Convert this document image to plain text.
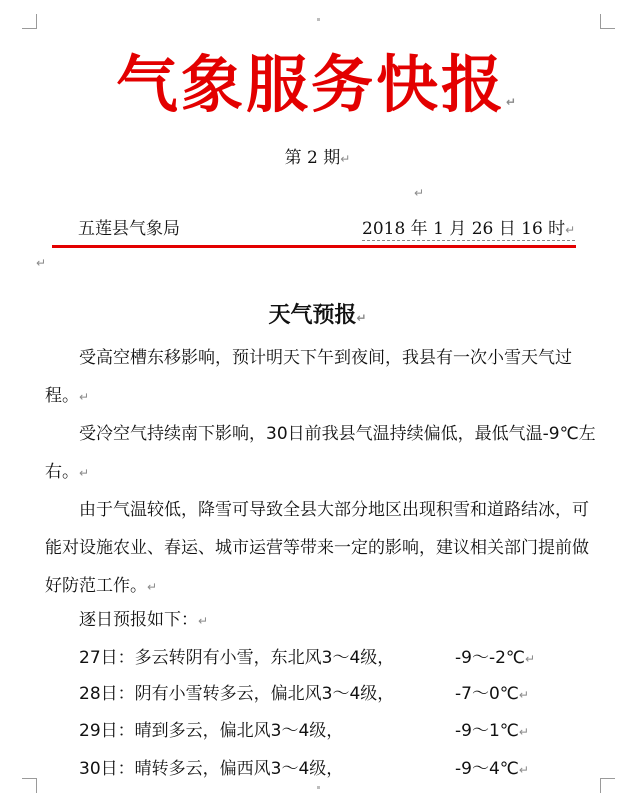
气象服务快报↵
第 2 期↵
↵
五莲县气象局	2018 年 1 月 26 日 16 时↵
↵
天气预报↵
受高空槽东移影响，预计明天下午到夜间，我县有一次小雪天气过程。↵
受冷空气持续南下影响，30日前我县气温持续偏低，最低气温-9℃左右。↵
由于气温较低，降雪可导致全县大部分地区出现积雪和道路结冰，可能对设施农业、春运、城市运营等带来一定的影响，建议相关部门提前做好防范工作。↵
逐日预报如下：↵
27日：多云转阴有小雪，东北风3～4级，	-9～-2℃↵
28日：阴有小雪转多云，偏北风3～4级，	-7～0℃↵
29日：晴到多云，偏北风3～4级，	-9～1℃↵
30日：晴转多云，偏西风3～4级，	-9～4℃↵
